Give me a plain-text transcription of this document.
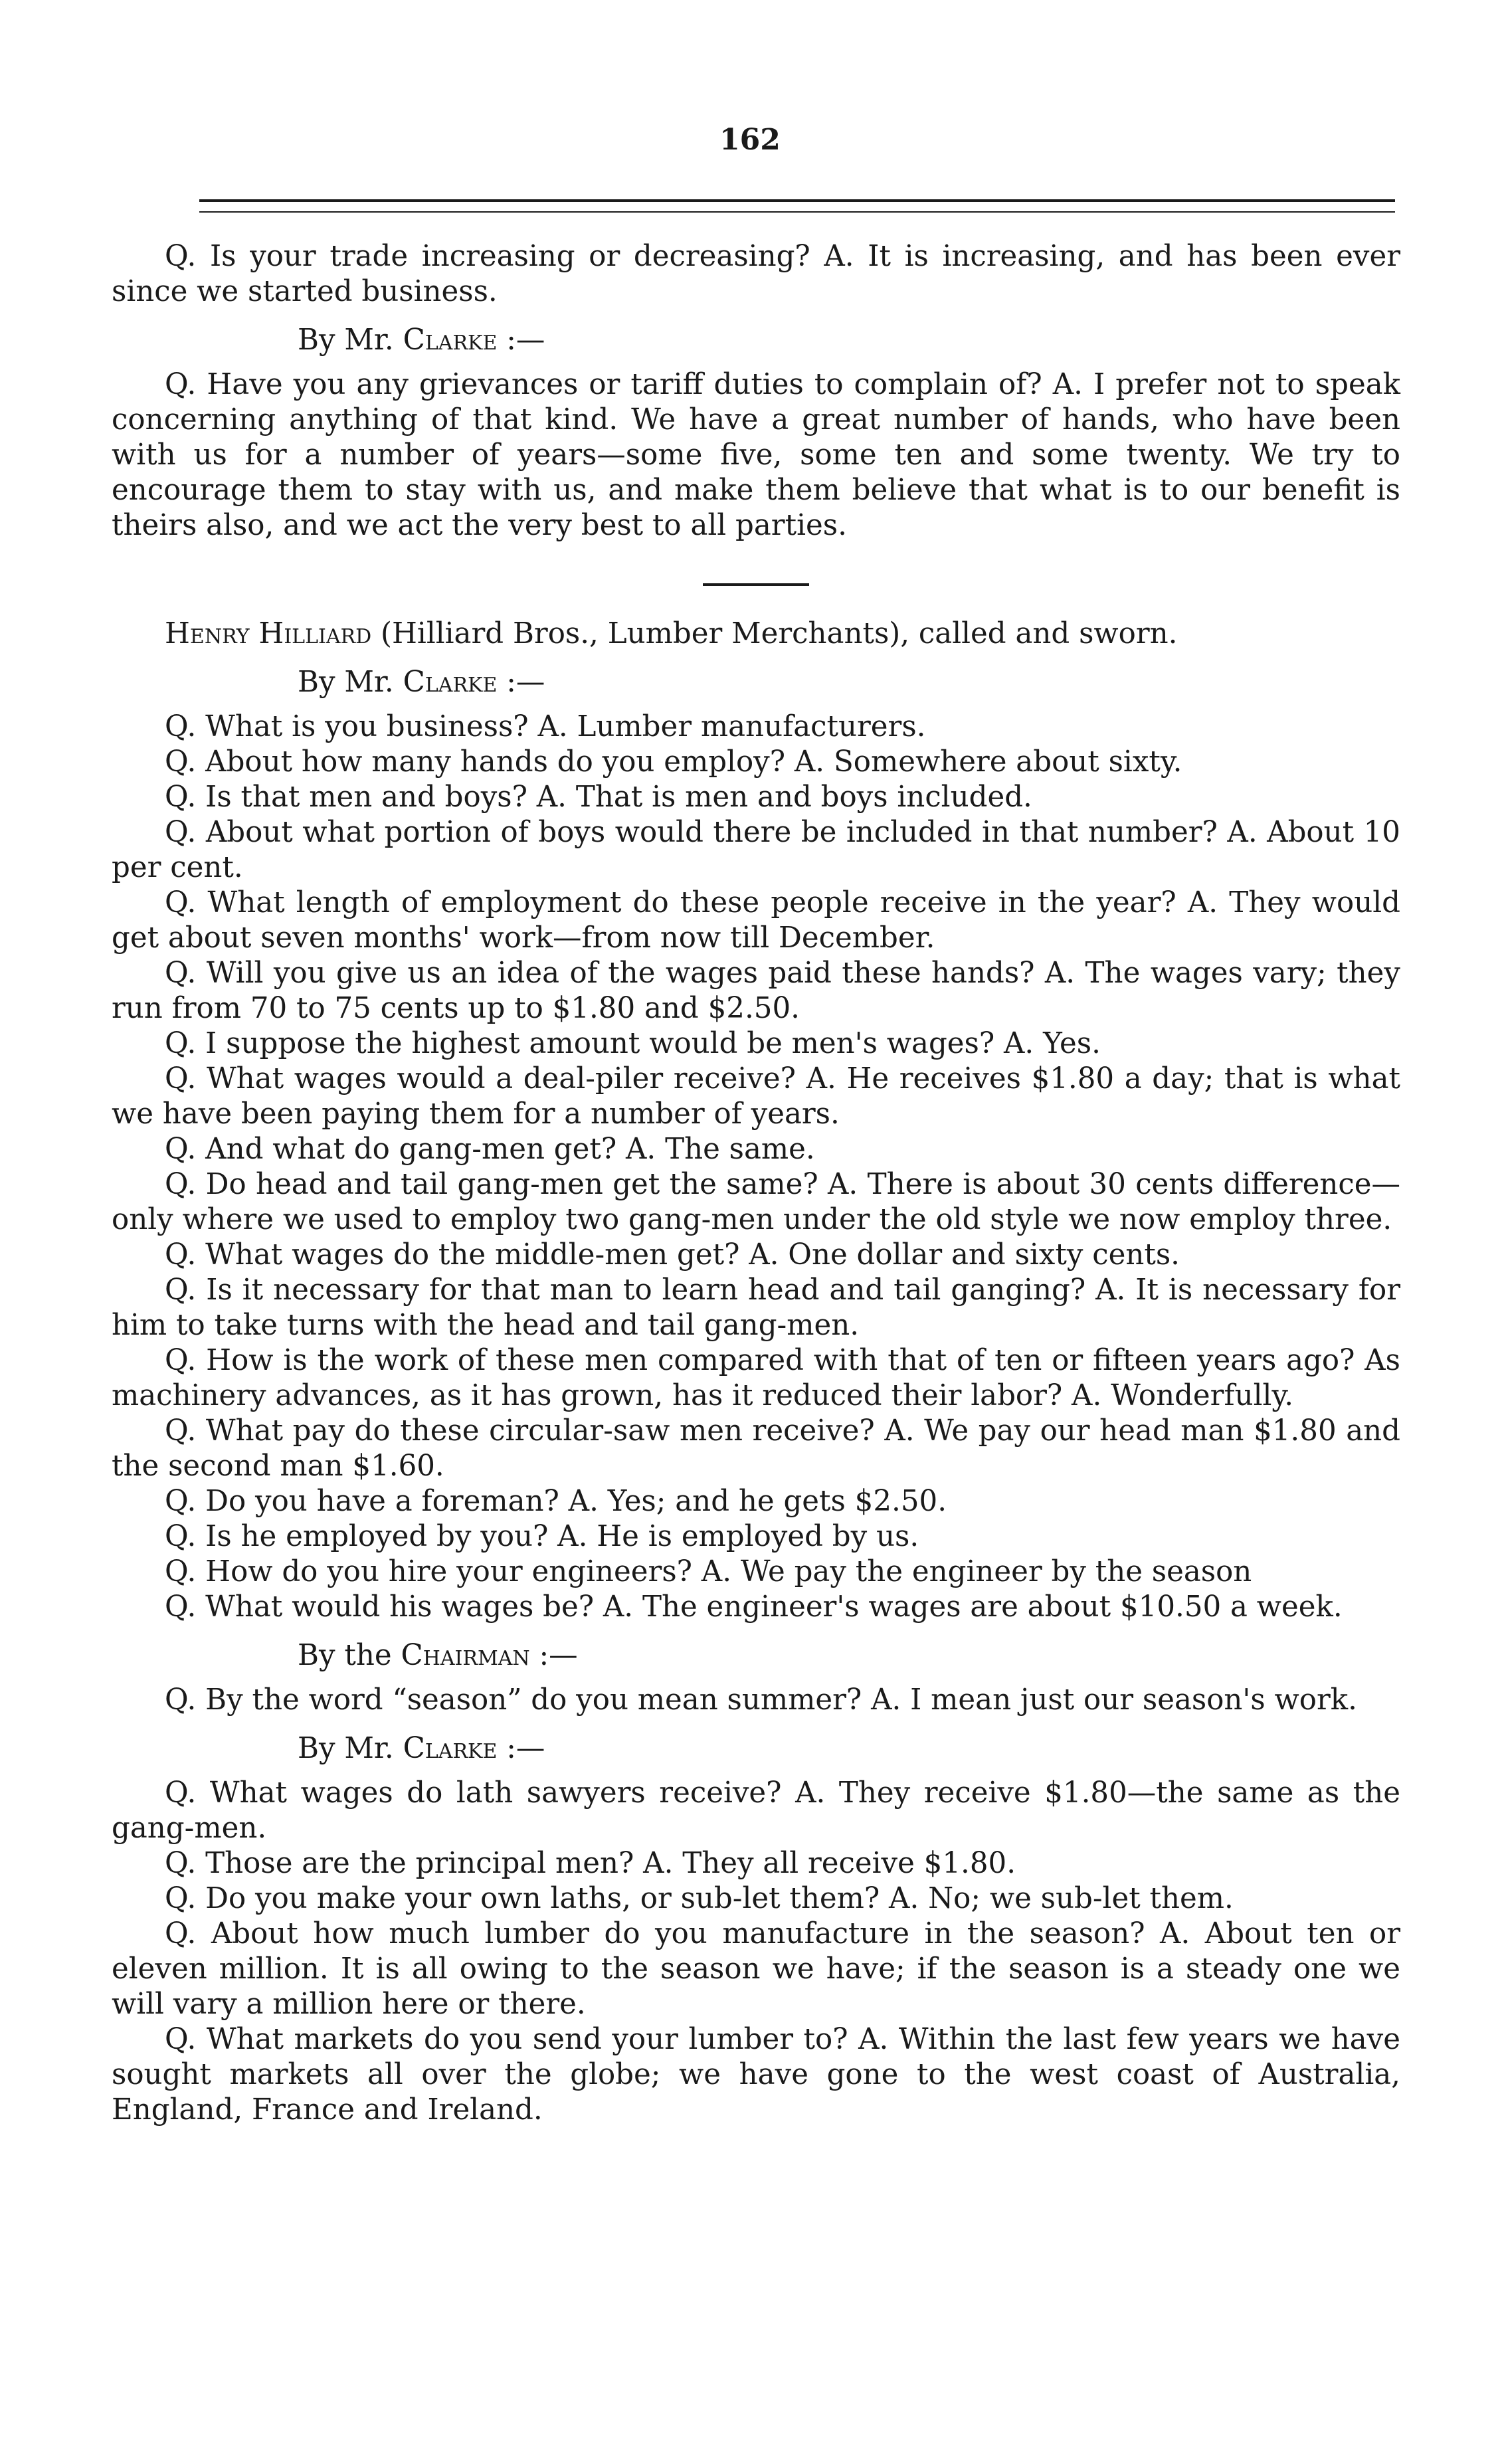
162

Q. Is your trade increasing or decreasing? A. It is increasing, and has been ever since we started business.

By Mr. Clarke :—

Q. Have you any grievances or tariff duties to complain of? A. I prefer not to speak concerning anything of that kind. We have a great number of hands, who have been with us for a number of years—some five, some ten and some twenty. We try to encourage them to stay with us, and make them believe that what is to our benefit is theirs also, and we act the very best to all parties.

Henry Hilliard (Hilliard Bros., Lumber Merchants), called and sworn.

By Mr. Clarke :—

Q. What is you business? A. Lumber manufacturers.

Q. About how many hands do you employ? A. Somewhere about sixty.

Q. Is that men and boys? A. That is men and boys included.

Q. About what portion of boys would there be included in that number? A. About 10 per cent.

Q. What length of employment do these people receive in the year? A. They would get about seven months' work—from now till December.

Q. Will you give us an idea of the wages paid these hands? A. The wages vary; they run from 70 to 75 cents up to $1.80 and $2.50.

Q. I suppose the highest amount would be men's wages? A. Yes.

Q. What wages would a deal-piler receive? A. He receives $1.80 a day; that is what we have been paying them for a number of years.

Q. And what do gang-men get? A. The same.

Q. Do head and tail gang-men get the same? A. There is about 30 cents difference—only where we used to employ two gang-men under the old style we now employ three.

Q. What wages do the middle-men get? A. One dollar and sixty cents.

Q. Is it necessary for that man to learn head and tail ganging? A. It is necessary for him to take turns with the head and tail gang-men.

Q. How is the work of these men compared with that of ten or fifteen years ago? As machinery advances, as it has grown, has it reduced their labor? A. Wonderfully.

Q. What pay do these circular-saw men receive? A. We pay our head man $1.80 and the second man $1.60.

Q. Do you have a foreman? A. Yes; and he gets $2.50.

Q. Is he employed by you? A. He is employed by us.

Q. How do you hire your engineers? A. We pay the engineer by the season

Q. What would his wages be? A. The engineer's wages are about $10.50 a week.

By the Chairman :—

Q. By the word “season” do you mean summer? A. I mean just our season's work.

By Mr. Clarke :—

Q. What wages do lath sawyers receive? A. They receive $1.80—the same as the gang-men.

Q. Those are the principal men? A. They all receive $1.80.

Q. Do you make your own laths, or sub-let them? A. No; we sub-let them.

Q. About how much lumber do you manufacture in the season? A. About ten or eleven million. It is all owing to the season we have; if the season is a steady one we will vary a million here or there.

Q. What markets do you send your lumber to? A. Within the last few years we have sought markets all over the globe; we have gone to the west coast of Australia, England, France and Ireland.
